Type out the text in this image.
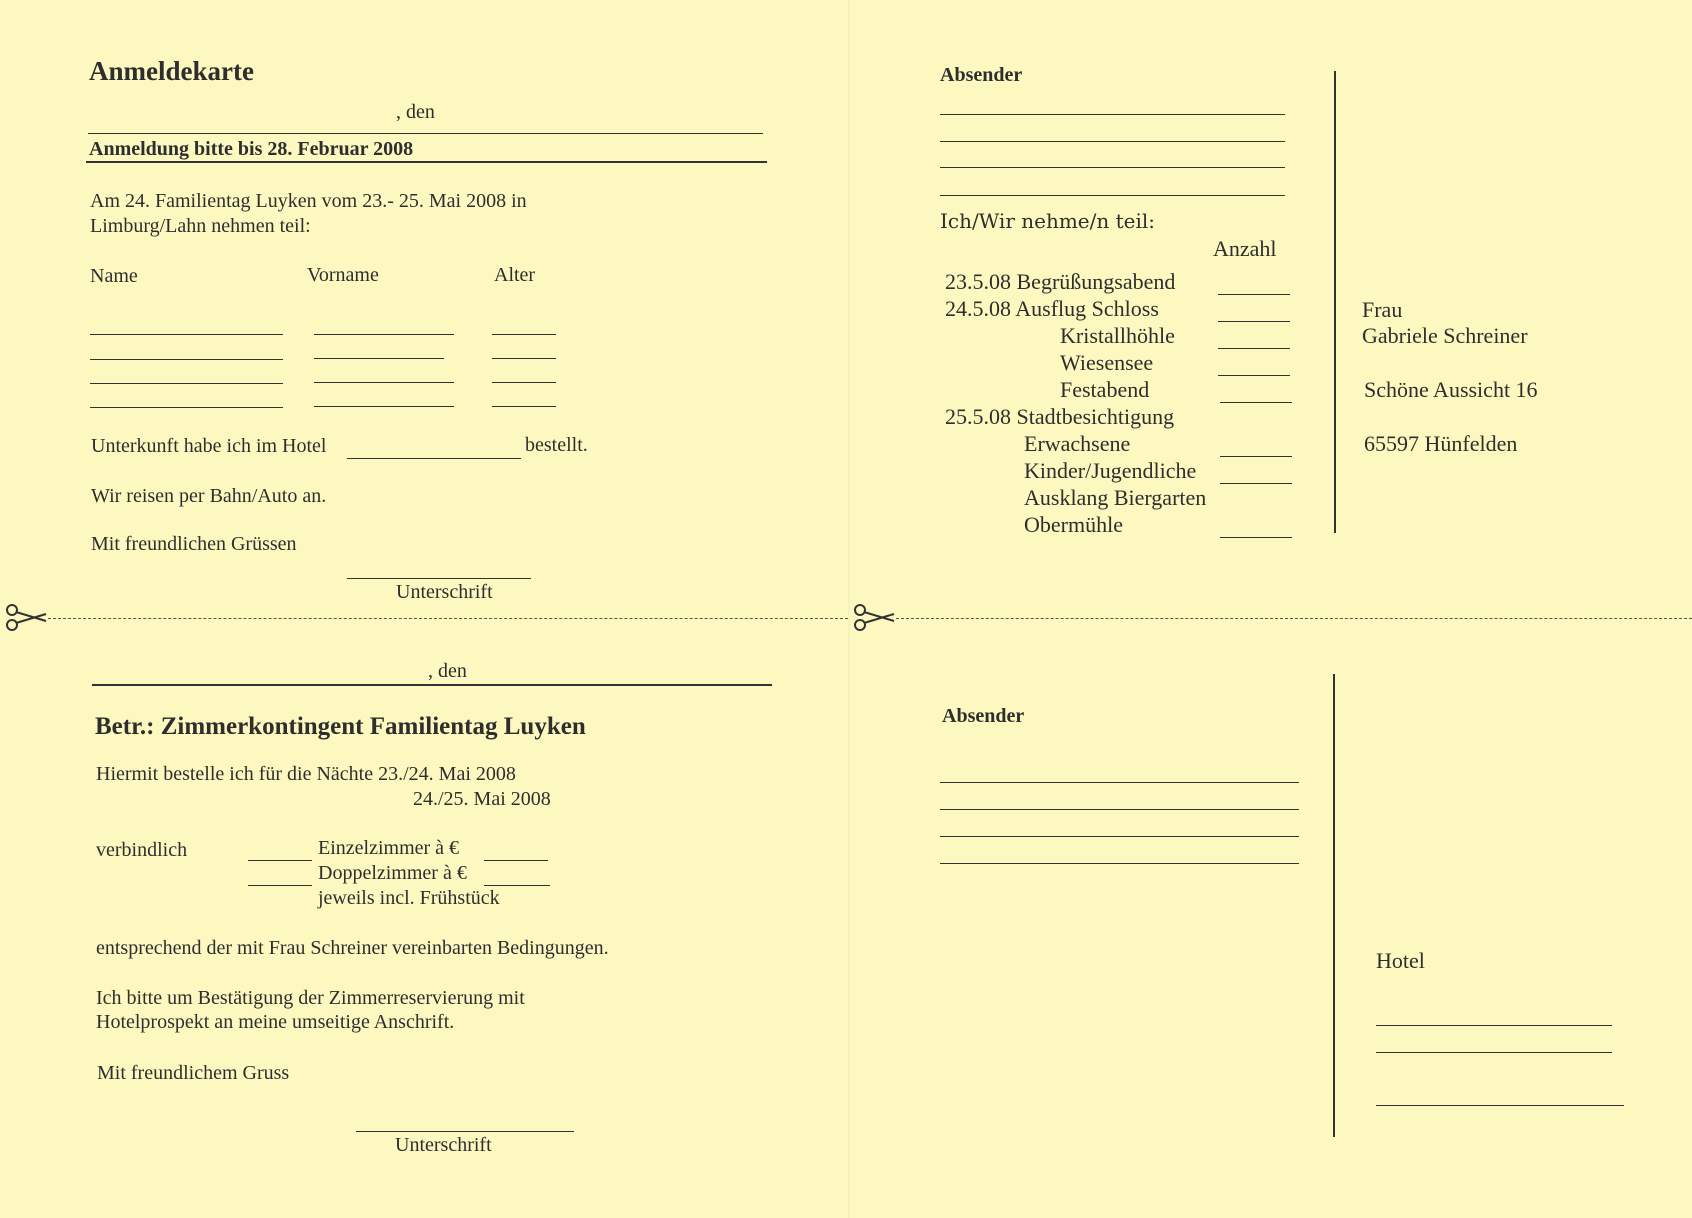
Anmeldekarte
, den
Anmeldung bitte bis 28. Februar 2008
Am 24. Familientag Luyken vom 23.- 25. Mai 2008 in
Limburg/Lahn nehmen teil:
Name	Vorname	Alter
Unterkunft habe ich im Hotel	bestellt.
Wir reisen per Bahn/Auto an.
Mit freundlichen Grüssen
Unterschrift
Absender
Ich/Wir nehme/n teil:
Anzahl
23.5.08 Begrüßungsabend
24.5.08 Ausflug Schloss
Kristallhöhle
Wiesensee
Festabend
25.5.08 Stadtbesichtigung
Erwachsene
Kinder/Jugendliche
Ausklang Biergarten
Obermühle
Frau
Gabriele Schreiner
Schöne Aussicht 16
65597 Hünfelden
, den
Betr.: Zimmerkontingent Familientag Luyken
Hiermit bestelle ich für die Nächte 23./24. Mai 2008
24./25. Mai 2008
verbindlich	Einzelzimmer à €
Doppelzimmer à €
jeweils incl. Frühstück
entsprechend der mit Frau Schreiner vereinbarten Bedingungen.
Ich bitte um Bestätigung der Zimmerreservierung mit
Hotelprospekt an meine umseitige Anschrift.
Mit freundlichem Gruss
Unterschrift
Absender
Hotel
